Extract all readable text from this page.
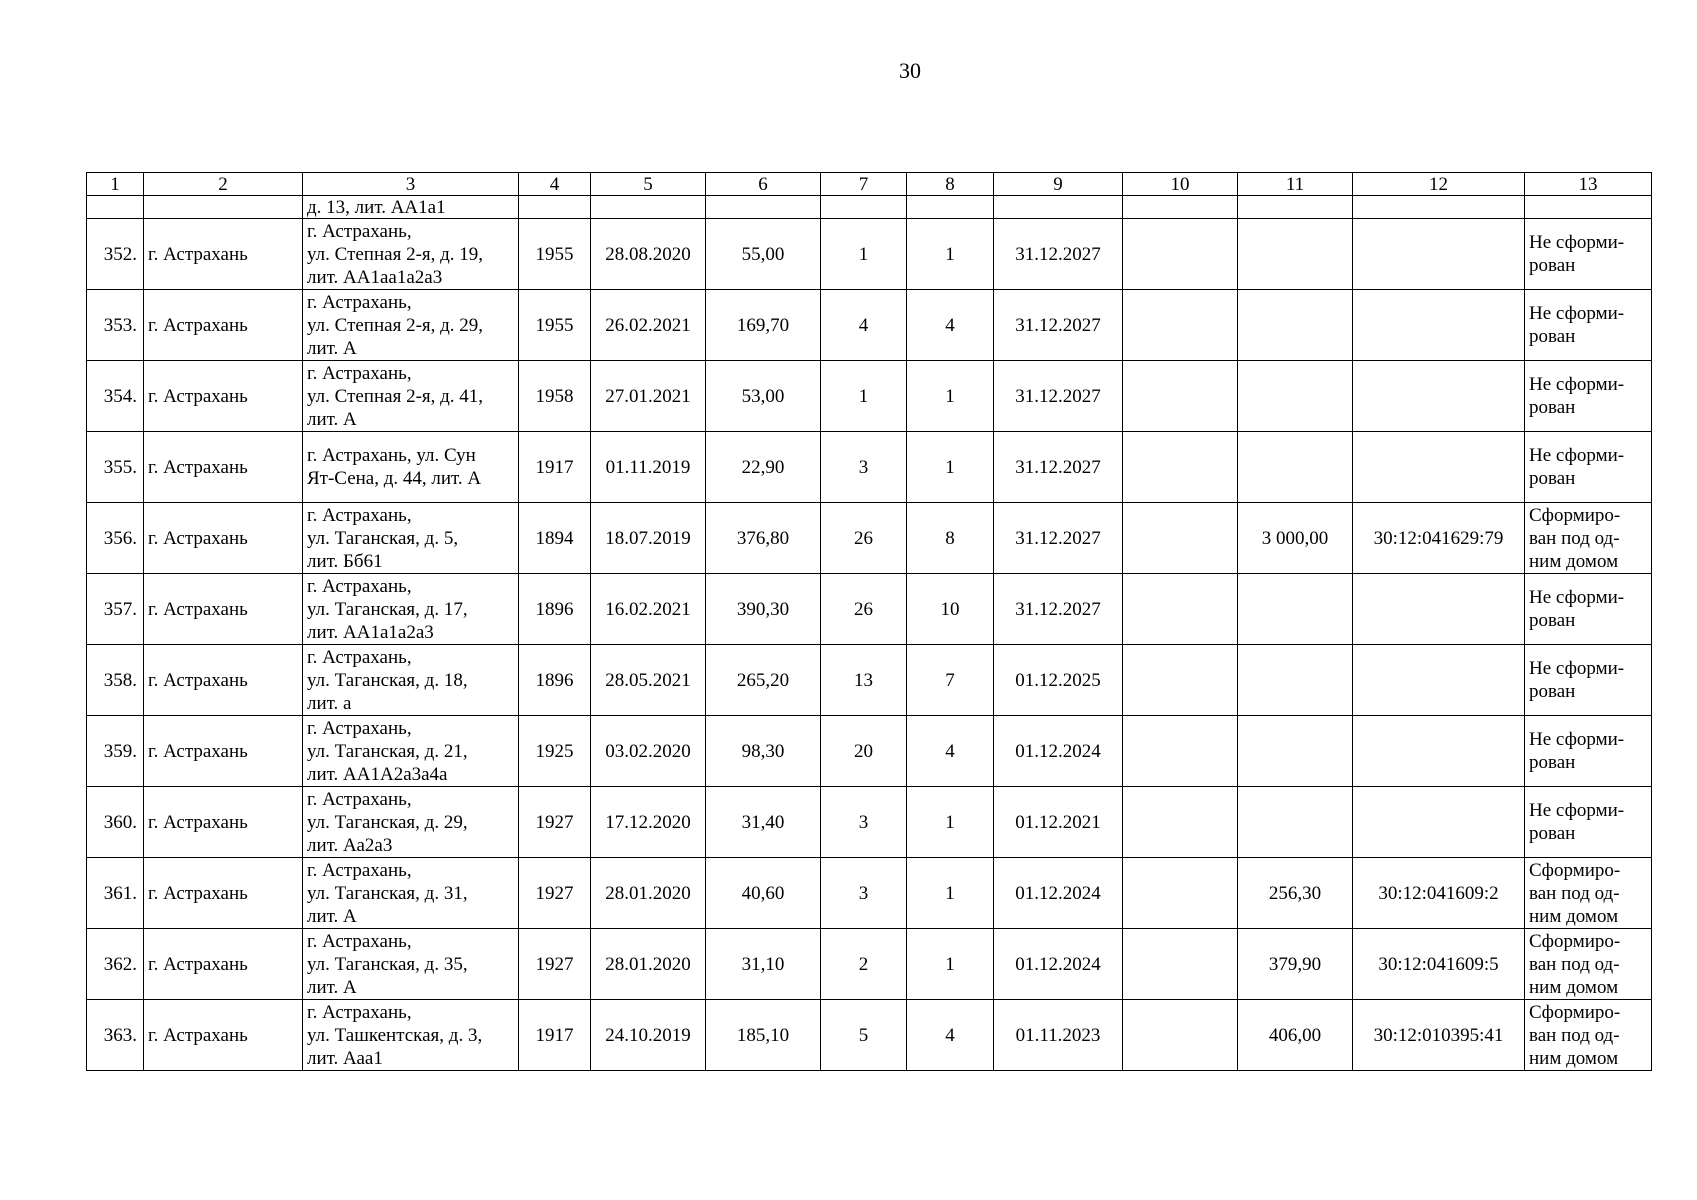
30
1	2	3	4	5	6	7	8	9	10	11	12	13
		д. 13, лит. АА1а1										
352.	г. Астрахань	г. Астрахань,
ул. Степная 2-я, д. 19,
лит. АА1аа1а2а3	1955	28.08.2020	55,00	1	1	31.12.2027				Не сформи-
рован
353.	г. Астрахань	г. Астрахань,
ул. Степная 2-я, д. 29,
лит. А	1955	26.02.2021	169,70	4	4	31.12.2027				Не сформи-
рован
354.	г. Астрахань	г. Астрахань,
ул. Степная 2-я, д. 41,
лит. А	1958	27.01.2021	53,00	1	1	31.12.2027				Не сформи-
рован
355.	г. Астрахань	г. Астрахань, ул. Сун
Ят-Сена, д. 44, лит. А	1917	01.11.2019	22,90	3	1	31.12.2027				Не сформи-
рован
356.	г. Астрахань	г. Астрахань,
ул. Таганская, д. 5,
лит. Бб61	1894	18.07.2019	376,80	26	8	31.12.2027		3 000,00	30:12:041629:79	Сформиро-
ван под од-
ним домом
357.	г. Астрахань	г. Астрахань,
ул. Таганская, д. 17,
лит. АА1а1а2а3	1896	16.02.2021	390,30	26	10	31.12.2027				Не сформи-
рован
358.	г. Астрахань	г. Астрахань,
ул. Таганская, д. 18,
лит. а	1896	28.05.2021	265,20	13	7	01.12.2025				Не сформи-
рован
359.	г. Астрахань	г. Астрахань,
ул. Таганская, д. 21,
лит. АА1А2а3а4а	1925	03.02.2020	98,30	20	4	01.12.2024				Не сформи-
рован
360.	г. Астрахань	г. Астрахань,
ул. Таганская, д. 29,
лит. Аа2а3	1927	17.12.2020	31,40	3	1	01.12.2021				Не сформи-
рован
361.	г. Астрахань	г. Астрахань,
ул. Таганская, д. 31,
лит. А	1927	28.01.2020	40,60	3	1	01.12.2024		256,30	30:12:041609:2	Сформиро-
ван под од-
ним домом
362.	г. Астрахань	г. Астрахань,
ул. Таганская, д. 35,
лит. А	1927	28.01.2020	31,10	2	1	01.12.2024		379,90	30:12:041609:5	Сформиро-
ван под од-
ним домом
363.	г. Астрахань	г. Астрахань,
ул. Ташкентская, д. 3,
лит. Ааа1	1917	24.10.2019	185,10	5	4	01.11.2023		406,00	30:12:010395:41	Сформиро-
ван под од-
ним домом
